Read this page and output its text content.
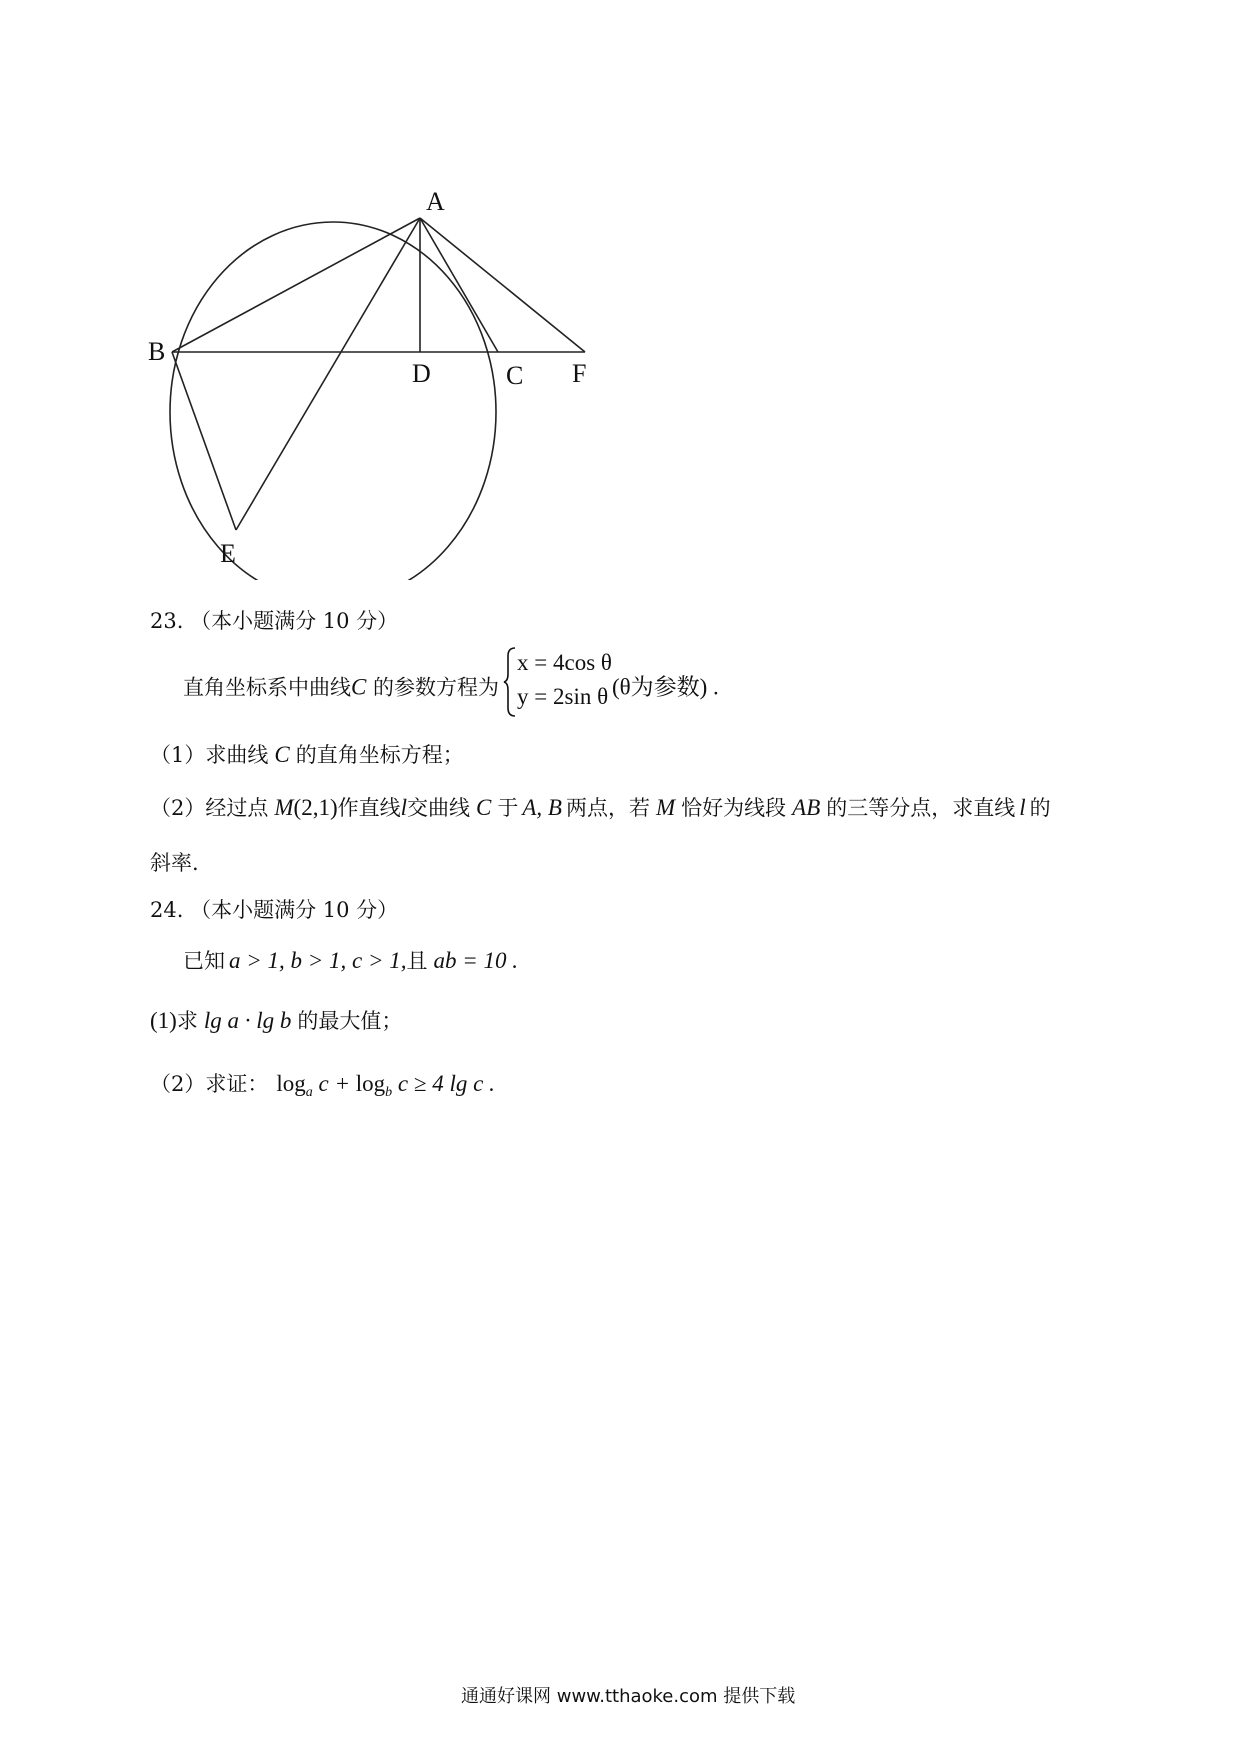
A
B
D	C F
E
23. （本小题满分 10 分）
直角坐标系中曲线C 的参数方程为
x = 4cos θ
y = 2sin θ (θ为参数) .
（1）求曲线 C 的直角坐标方程；
（2）经过点 M(2,1)作直线l交曲线 C 于 A, B 两点，若 M 恰好为线段 AB 的三等分点，求直线 l 的
斜率.
24. （本小题满分 10 分）
已知 a > 1, b > 1, c > 1,且 ab = 10 .
(1)求 lg a · lg b 的最大值；
（2）求证： $\log_a c + \log_b c \ge 4$ lg c .
通通好课网 www.tthaoke.com 提供下载
